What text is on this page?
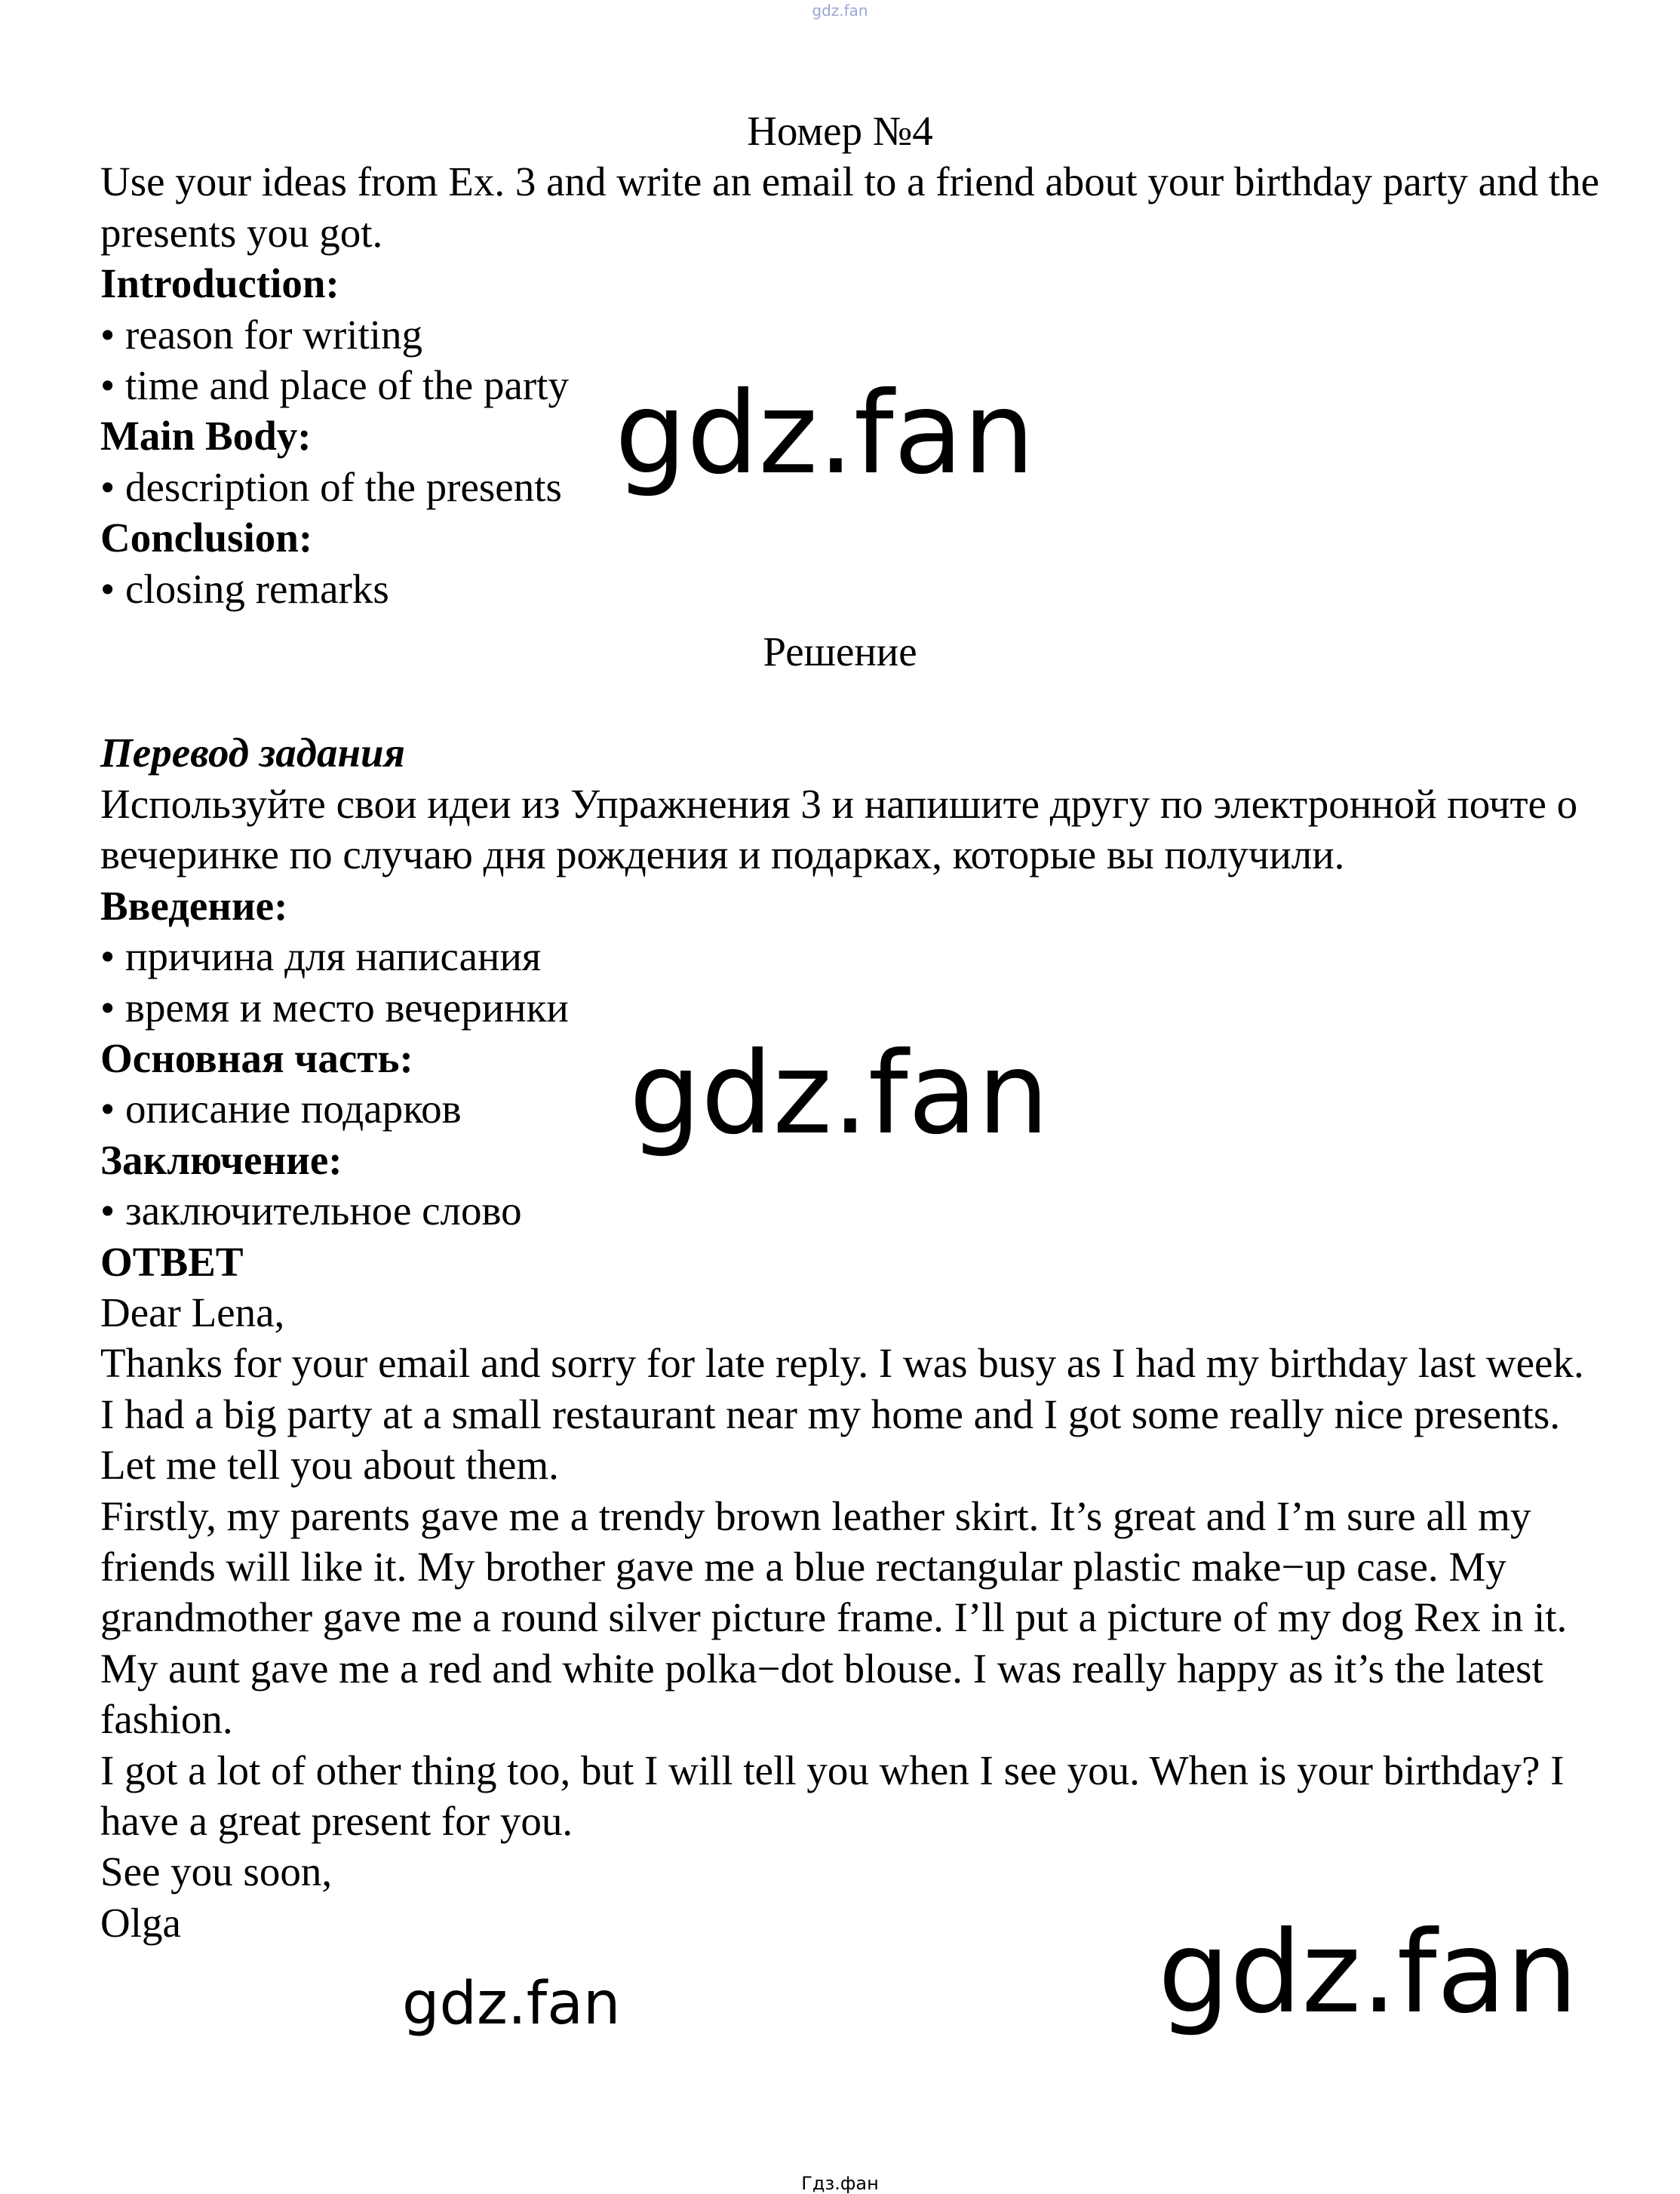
gdz.fan
Номер №4
Use your ideas from Ex. 3 and write an email to a friend about your birthday party and the presents you got.
Introduction:
• reason for writing
• time and place of the party
Main Body:
• description of the presents
Conclusion:
• closing remarks
Решение
Перевод задания
Используйте свои идеи из Упражнения 3 и напишите другу по электронной почте о вечеринке по случаю дня рождения и подарках, которые вы получили.
Введение:
• причина для написания
• время и место вечеринки
Основная часть:
• описание подарков
Заключение:
• заключительное слово
ОТВЕТ
Dear Lena,
Thanks for your email and sorry for late reply. I was busy as I had my birthday last week. I had a big party at a small restaurant near my home and I got some really nice presents. Let me tell you about them.
Firstly, my parents gave me a trendy brown leather skirt. It’s great and I’m sure all my friends will like it. My brother gave me a blue rectangular plastic make−up case. My grandmother gave me a round silver picture frame. I’ll put a picture of my dog Rex in it. My aunt gave me a red and white polka−dot blouse. I was really happy as it’s the latest fashion.
I got a lot of other thing too, but I will tell you when I see you. When is your birthday? I have a great present for you.
See you soon,
Olga
gdz.fan
gdz.fan
gdz.fan
gdz.fan
Гдз.фан
